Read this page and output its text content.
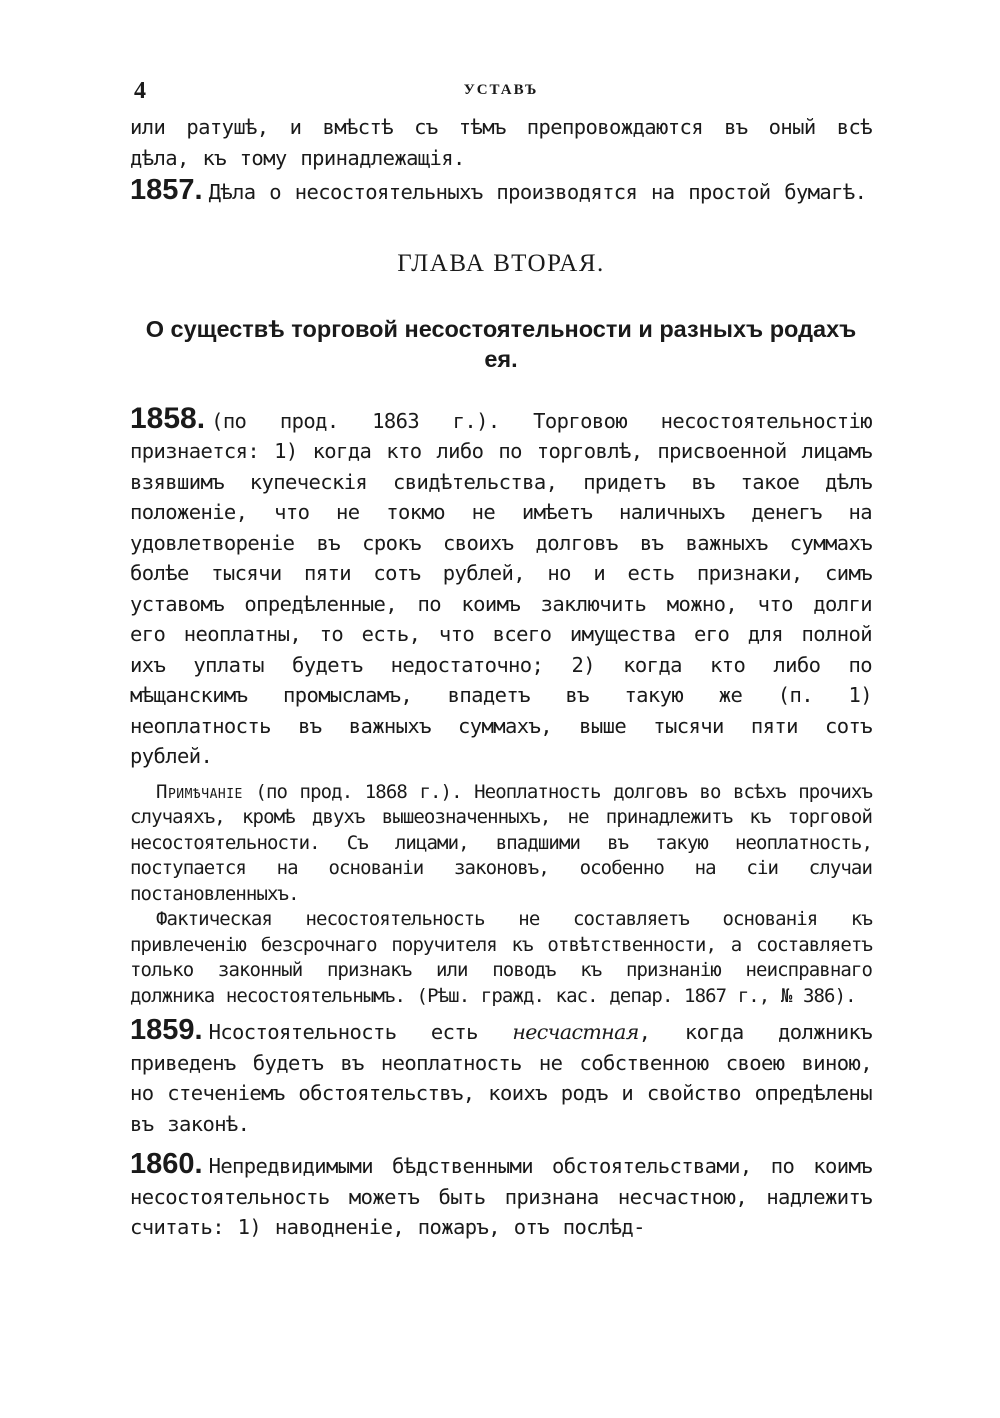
4	УСТАВЪ

или ратушѣ, и вмѣстѣ съ тѣмъ препровождаются въ оный всѣ дѣла, къ тому принадлежащія.

1857. Дѣла о несостоятельныхъ производятся на простой бумагѣ.

ГЛАВА ВТОРАЯ.

О существѣ торговой несостоятельности и разныхъ родахъ ея.

1858. (по прод. 1863 г.). Торговою несостоятельностію признается: 1) когда кто либо по торговлѣ, присвоенной лицамъ взявшимъ купеческія свидѣтельства, придетъ въ такое дѣлъ положеніе, что не токмо не имѣетъ наличныхъ денегъ на удовлетвореніе въ срокъ своихъ долговъ въ важныхъ суммахъ болѣе тысячи пяти сотъ рублей, но и есть признаки, симъ уставомъ опредѣленные, по коимъ заключить можно, что долги его неоплатны, то есть, что всего имущества его для полной ихъ уплаты будетъ недостаточно; 2) когда кто либо по мѣщанскимъ промысламъ, впадетъ въ такую же (п. 1) неоплатность въ важныхъ суммахъ, выше тысячи пяти сотъ рублей.

Примѣчаніе (по прод. 1868 г.). Неоплатность долговъ во всѣхъ прочихъ случаяхъ, кромѣ двухъ вышеозначенныхъ, не принадлежитъ къ торговой несостоятельности. Съ лицами, впадшими въ такую неоплатность, поступается на основаніи законовъ, особенно на сіи случаи постановленныхъ.

Фактическая несостоятельность не составляетъ основанія къ привлеченію безсрочнаго поручителя къ отвѣтственности, а составляетъ только законный признакъ или поводъ къ признанію неисправнаго должника несостоятельнымъ. (Рѣш. гражд. кас. депар. 1867 г., № 386).

1859. Нсостоятельность есть несчастная, когда должникъ приведенъ будетъ въ неоплатность не собственною своею виною, но стеченіемъ обстоятельствъ, коихъ родъ и свойство опредѣлены въ законѣ.

1860. Непредвидимыми бѣдственными обстоятельствами, по коимъ несостоятельность можетъ быть признана несчастною, надлежитъ считать: 1) наводненіе, пожаръ, отъ послѣд-
